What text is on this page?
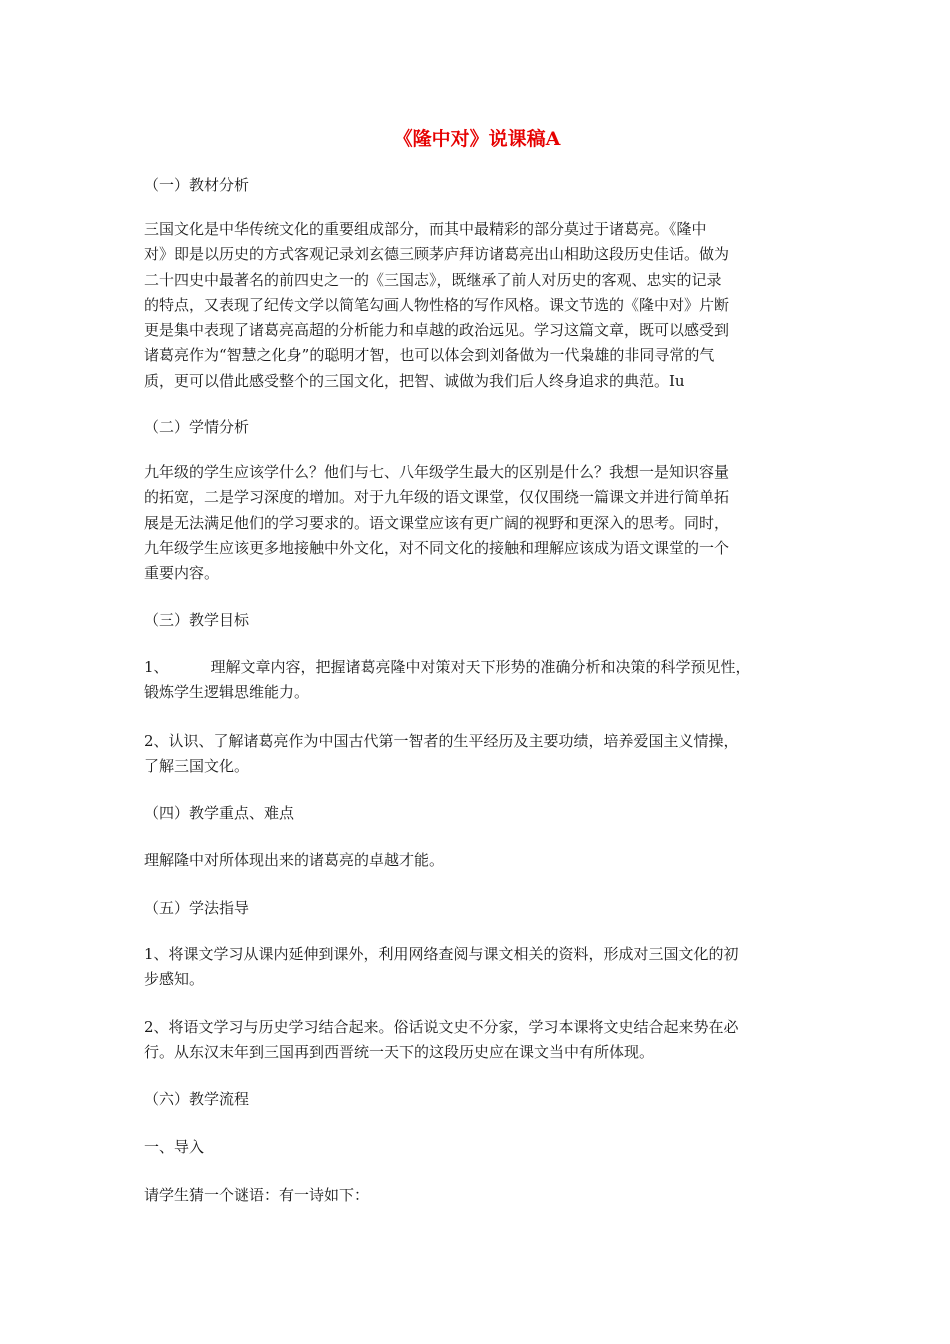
《隆中对》说课稿A

（一）教材分析

三国文化是中华传统文化的重要组成部分，而其中最精彩的部分莫过于诸葛亮。《隆中
对》即是以历史的方式客观记录刘玄德三顾茅庐拜访诸葛亮出山相助这段历史佳话。做为
二十四史中最著名的前四史之一的《三国志》，既继承了前人对历史的客观、忠实的记录
的特点，又表现了纪传文学以简笔勾画人物性格的写作风格。课文节选的《隆中对》片断
更是集中表现了诸葛亮高超的分析能力和卓越的政治远见。学习这篇文章，既可以感受到
诸葛亮作为“智慧之化身”的聪明才智，也可以体会到刘备做为一代枭雄的非同寻常的气
质，更可以借此感受整个的三国文化，把智、诚做为我们后人终身追求的典范。Iu

（二）学情分析

九年级的学生应该学什么？他们与七、八年级学生最大的区别是什么？我想一是知识容量
的拓宽，二是学习深度的增加。对于九年级的语文课堂，仅仅围绕一篇课文并进行简单拓
展是无法满足他们的学习要求的。语文课堂应该有更广阔的视野和更深入的思考。同时，
九年级学生应该更多地接触中外文化，对不同文化的接触和理解应该成为语文课堂的一个
重要内容。

（三）教学目标

1、	理解文章内容，把握诸葛亮隆中对策对天下形势的准确分析和决策的科学预见性，
锻炼学生逻辑思维能力。
2、认识、了解诸葛亮作为中国古代第一智者的生平经历及主要功绩，培养爱国主义情操，
了解三国文化。

（四）教学重点、难点

理解隆中对所体现出来的诸葛亮的卓越才能。

（五）学法指导

1、将课文学习从课内延伸到课外，利用网络查阅与课文相关的资料，形成对三国文化的初
步感知。
2、将语文学习与历史学习结合起来。俗话说文史不分家，学习本课将文史结合起来势在必
行。从东汉末年到三国再到西晋统一天下的这段历史应在课文当中有所体现。

（六）教学流程

一、导入

请学生猜一个谜语：有一诗如下：
